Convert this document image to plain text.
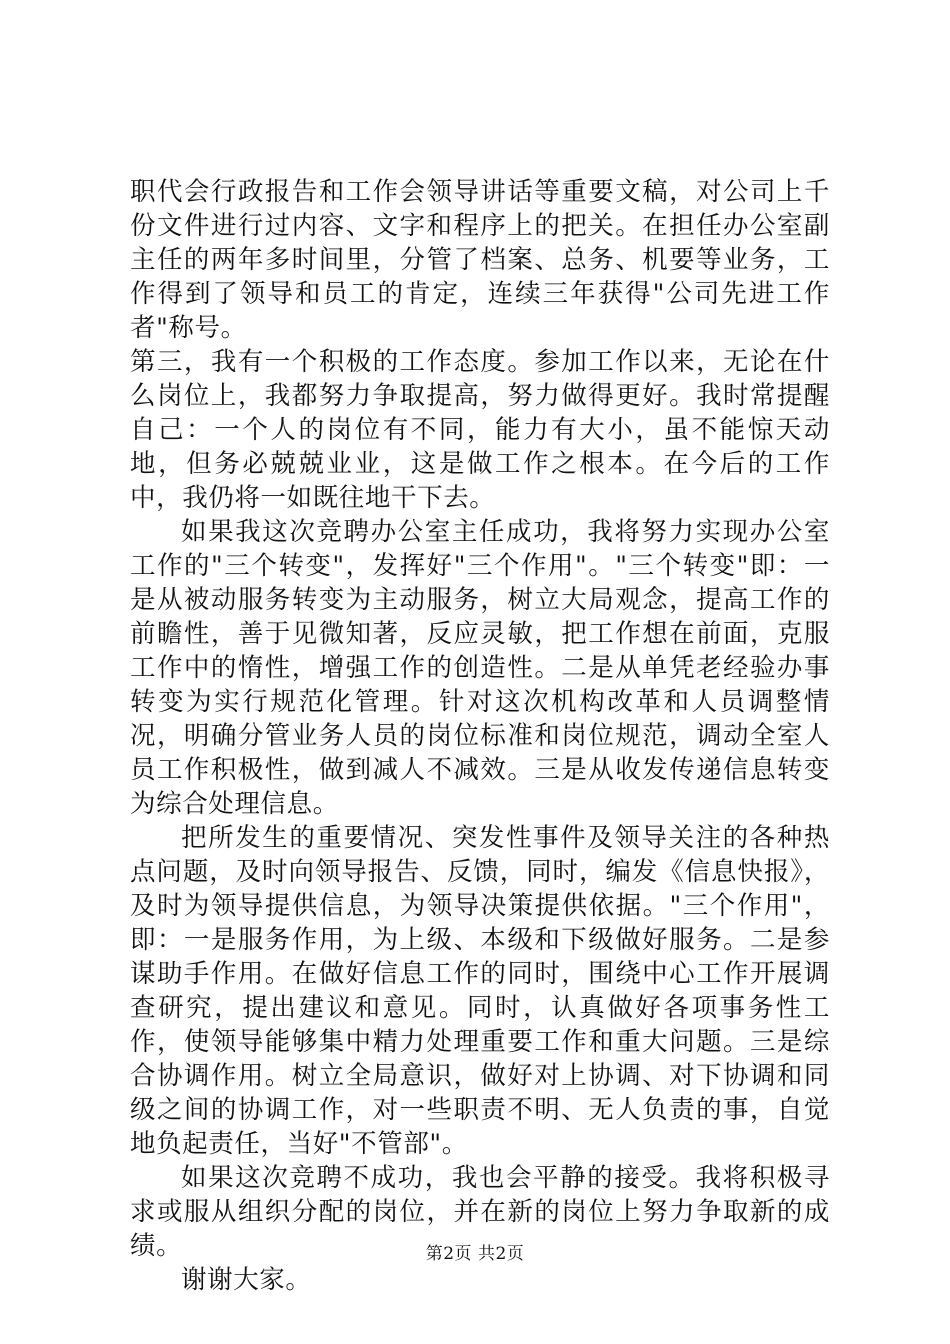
职代会行政报告和工作会领导讲话等重要文稿，对公司上千份文件进行过内容、文字和程序上的把关。在担任办公室副主任的两年多时间里，分管了档案、总务、机要等业务，工作得到了领导和员工的肯定，连续三年获得"公司先进工作者"称号。

第三，我有一个积极的工作态度。参加工作以来，无论在什么岗位上，我都努力争取提高，努力做得更好。我时常提醒自己：一个人的岗位有不同，能力有大小，虽不能惊天动地，但务必兢兢业业，这是做工作之根本。在今后的工作中，我仍将一如既往地干下去。

如果我这次竞聘办公室主任成功，我将努力实现办公室工作的"三个转变"，发挥好"三个作用"。"三个转变"即：一是从被动服务转变为主动服务，树立大局观念，提高工作的前瞻性，善于见微知著，反应灵敏，把工作想在前面，克服工作中的惰性，增强工作的创造性。二是从单凭老经验办事转变为实行规范化管理。针对这次机构改革和人员调整情况，明确分管业务人员的岗位标准和岗位规范，调动全室人员工作积极性，做到减人不减效。三是从收发传递信息转变为综合处理信息。

把所发生的重要情况、突发性事件及领导关注的各种热点问题，及时向领导报告、反馈，同时，编发《信息快报》，及时为领导提供信息，为领导决策提供依据。"三个作用"，即：一是服务作用，为上级、本级和下级做好服务。二是参谋助手作用。在做好信息工作的同时，围绕中心工作开展调查研究，提出建议和意见。同时，认真做好各项事务性工作，使领导能够集中精力处理重要工作和重大问题。三是综合协调作用。树立全局意识，做好对上协调、对下协调和同级之间的协调工作，对一些职责不明、无人负责的事，自觉地负起责任，当好"不管部"。

如果这次竞聘不成功，我也会平静的接受。我将积极寻求或服从组织分配的岗位，并在新的岗位上努力争取新的成绩。

谢谢大家。

第2页 共2页
